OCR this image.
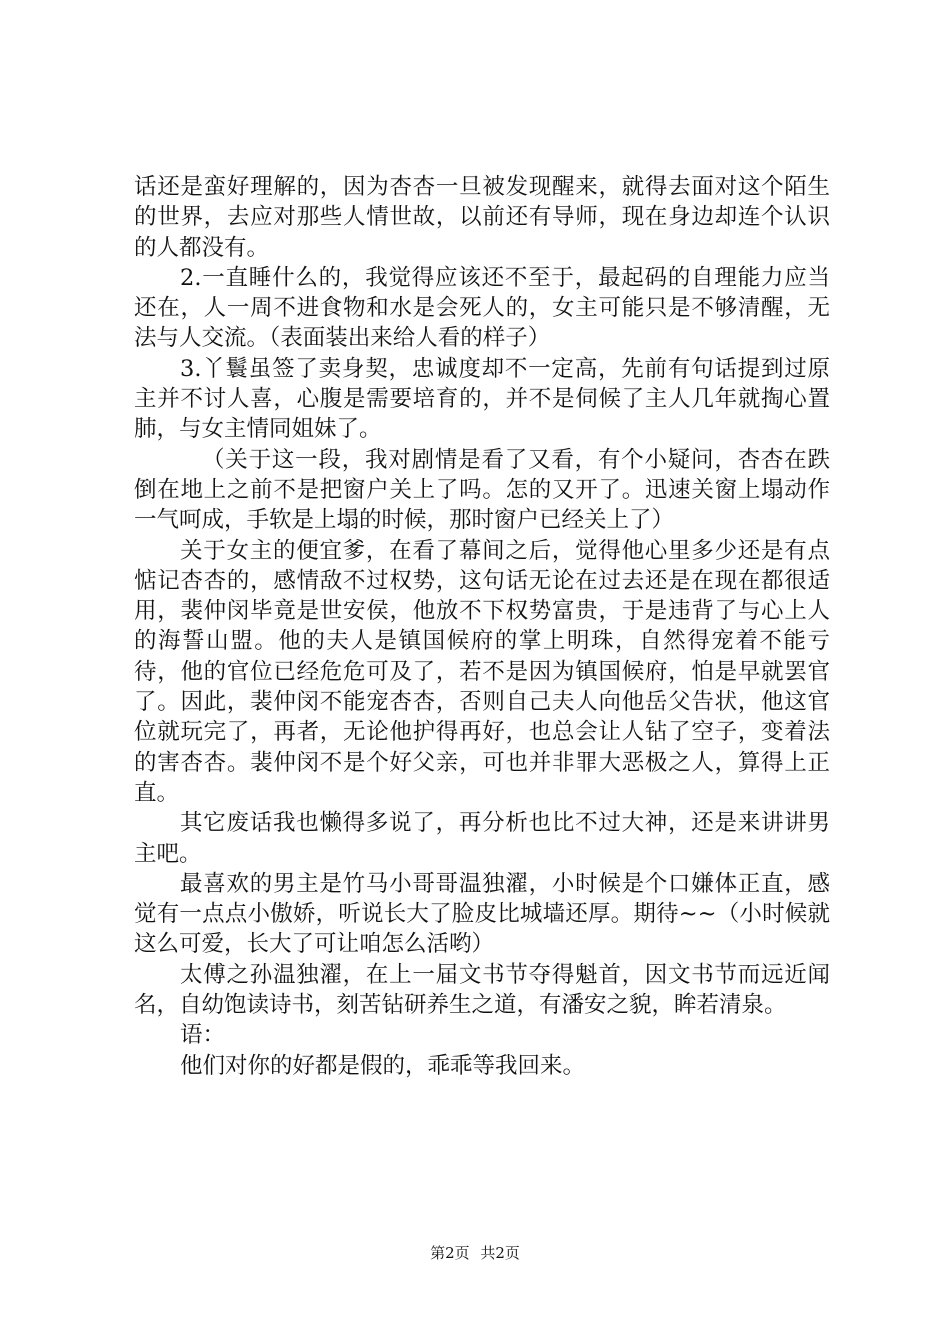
话还是蛮好理解的，因为杏杏一旦被发现醒来，就得去面对这个陌生的世界，去应对那些人情世故，以前还有导师，现在身边却连个认识的人都没有。

2.一直睡什么的，我觉得应该还不至于，最起码的自理能力应当还在，人一周不进食物和水是会死人的，女主可能只是不够清醒，无法与人交流。（表面装出来给人看的样子）

3.丫鬟虽签了卖身契，忠诚度却不一定高，先前有句话提到过原主并不讨人喜，心腹是需要培育的，并不是伺候了主人几年就掏心置肺，与女主情同姐妹了。

（关于这一段，我对剧情是看了又看，有个小疑问，杏杏在跌倒在地上之前不是把窗户关上了吗。怎的又开了。迅速关窗上塌动作一气呵成，手软是上塌的时候，那时窗户已经关上了）

关于女主的便宜爹，在看了幕间之后，觉得他心里多少还是有点惦记杏杏的，感情敌不过权势，这句话无论在过去还是在现在都很适用，裴仲闵毕竟是世安侯，他放不下权势富贵，于是违背了与心上人的海誓山盟。他的夫人是镇国候府的掌上明珠，自然得宠着不能亏待，他的官位已经危危可及了，若不是因为镇国候府，怕是早就罢官了。因此，裴仲闵不能宠杏杏，否则自己夫人向他岳父告状，他这官位就玩完了，再者，无论他护得再好，也总会让人钻了空子，变着法的害杏杏。裴仲闵不是个好父亲，可也并非罪大恶极之人，算得上正直。

其它废话我也懒得多说了，再分析也比不过大神，还是来讲讲男主吧。

最喜欢的男主是竹马小哥哥温独濯，小时候是个口嫌体正直，感觉有一点点小傲娇，听说长大了脸皮比城墙还厚。期待~~（小时候就这么可爱，长大了可让咱怎么活哟）

太傅之孙温独濯，在上一届文书节夺得魁首，因文书节而远近闻名，自幼饱读诗书，刻苦钻研养生之道，有潘安之貌，眸若清泉。

语：

他们对你的好都是假的，乖乖等我回来。

第2页 共2页
